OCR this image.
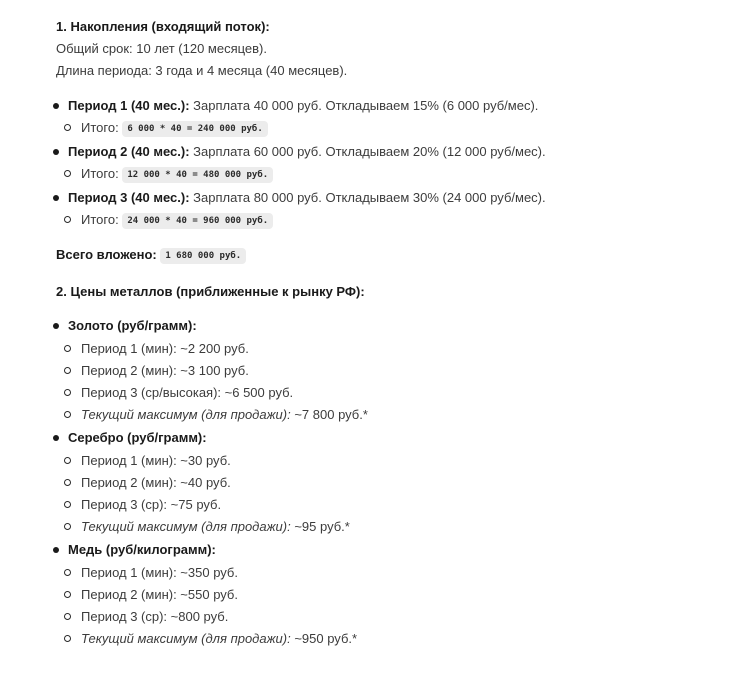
1. Накопления (входящий поток):
Общий срок: 10 лет (120 месяцев).
Длина периода: 3 года и 4 месяца (40 месяцев).
Период 1 (40 мес.): Зарплата 40 000 руб. Откладываем 15% (6 000 руб/мес).
Итого: 6 000 * 40 = 240 000 руб.
Период 2 (40 мес.): Зарплата 60 000 руб. Откладываем 20% (12 000 руб/мес).
Итого: 12 000 * 40 = 480 000 руб.
Период 3 (40 мес.): Зарплата 80 000 руб. Откладываем 30% (24 000 руб/мес).
Итого: 24 000 * 40 = 960 000 руб.
Всего вложено: 1 680 000 руб.
2. Цены металлов (приближенные к рынку РФ):
Золото (руб/грамм):
Период 1 (мин): ~2 200 руб.
Период 2 (мин): ~3 100 руб.
Период 3 (ср/высокая): ~6 500 руб.
Текущий максимум (для продажи): ~7 800 руб.*
Серебро (руб/грамм):
Период 1 (мин): ~30 руб.
Период 2 (мин): ~40 руб.
Период 3 (ср): ~75 руб.
Текущий максимум (для продажи): ~95 руб.*
Медь (руб/килограмм):
Период 1 (мин): ~350 руб.
Период 2 (мин): ~550 руб.
Период 3 (ср): ~800 руб.
Текущий максимум (для продажи): ~950 руб.*
